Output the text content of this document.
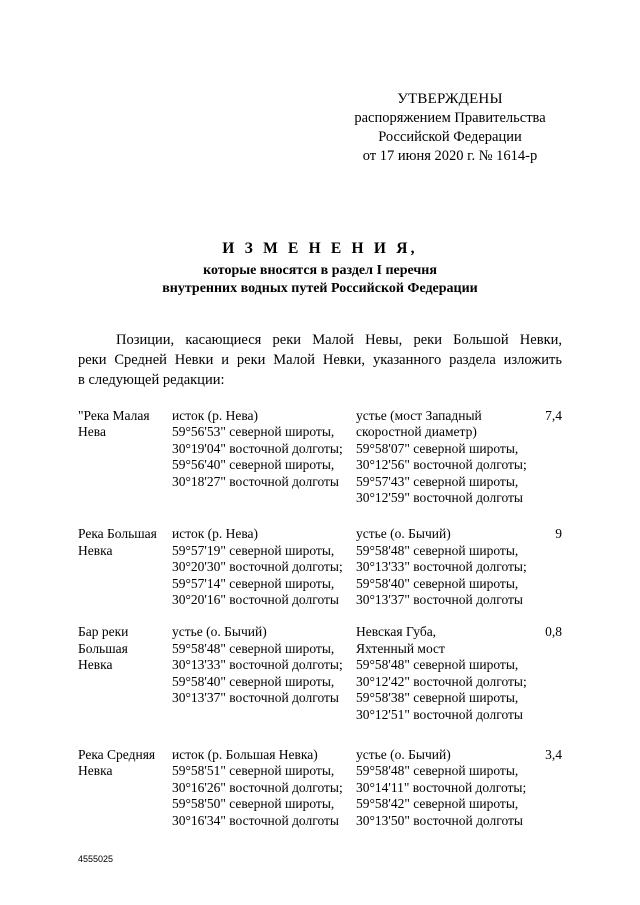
УТВЕРЖДЕНЫ
распоряжением Правительства
Российской Федерации
от 17 июня 2020 г. № 1614-р
И З М Е Н Е Н И Я,
которые вносятся в раздел I перечня
внутренних водных путей Российской Федерации
Позиции, касающиеся реки Малой Невы, реки Большой Невки,
реки Средней Невки и реки Малой Невки, указанного раздела изложить
в следующей редакции:
"Река Малая
Нева
исток (р. Нева)
59°56'53" северной широты,
30°19'04" восточной долготы;
59°56'40" северной широты,
30°18'27" восточной долготы
устье (мост Западный
скоростной диаметр)
59°58'07" северной широты,
30°12'56" восточной долготы;
59°57'43" северной широты,
30°12'59" восточной долготы
7,4
Река Большая
Невка
исток (р. Нева)
59°57'19" северной широты,
30°20'30" восточной долготы;
59°57'14" северной широты,
30°20'16" восточной долготы
устье (о. Бычий)
59°58'48" северной широты,
30°13'33" восточной долготы;
59°58'40" северной широты,
30°13'37" восточной долготы
9
Бар реки
Большая
Невка
устье (о. Бычий)
59°58'48" северной широты,
30°13'33" восточной долготы;
59°58'40" северной широты,
30°13'37" восточной долготы
Невская Губа,
Яхтенный мост
59°58'48" северной широты,
30°12'42" восточной долготы;
59°58'38" северной широты,
30°12'51" восточной долготы
0,8
Река Средняя
Невка
исток (р. Большая Невка)
59°58'51" северной широты,
30°16'26" восточной долготы;
59°58'50" северной широты,
30°16'34" восточной долготы
устье (о. Бычий)
59°58'48" северной широты,
30°14'11" восточной долготы;
59°58'42" северной широты,
30°13'50" восточной долготы
3,4
4555025
